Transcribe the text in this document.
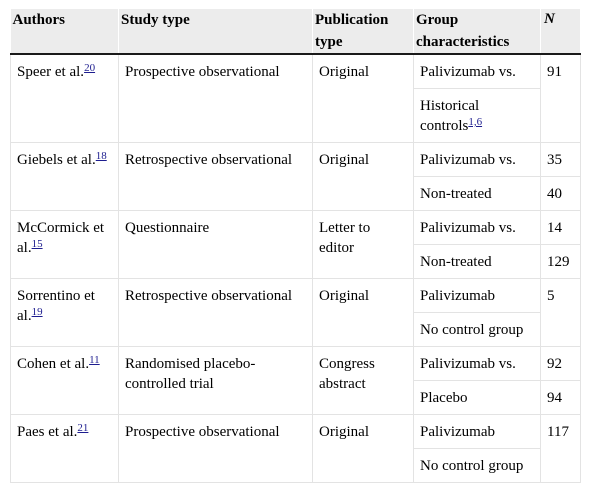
Authors	Study type	Publication type	Group characteristics	N
Speer et al.$^{20}$	Prospective observational	Original	Palivizumab vs.	91
			Historical controls$^{1,6}$
Giebels et al.$^{18}$	Retrospective observational	Original	Palivizumab vs.	35
			Non-treated	40
McCormick et al.$^{15}$	Questionnaire	Letter to editor	Palivizumab vs.	14
			Non-treated	129
Sorrentino et al.$^{19}$	Retrospective observational	Original	Palivizumab	5
			No control group	
Cohen et al.$^{11}$	Randomised placebo-controlled trial	Congress abstract	Palivizumab vs.	92
			Placebo	94
Paes et al.$^{21}$	Prospective observational	Original	Palivizumab	117
			No control group	
